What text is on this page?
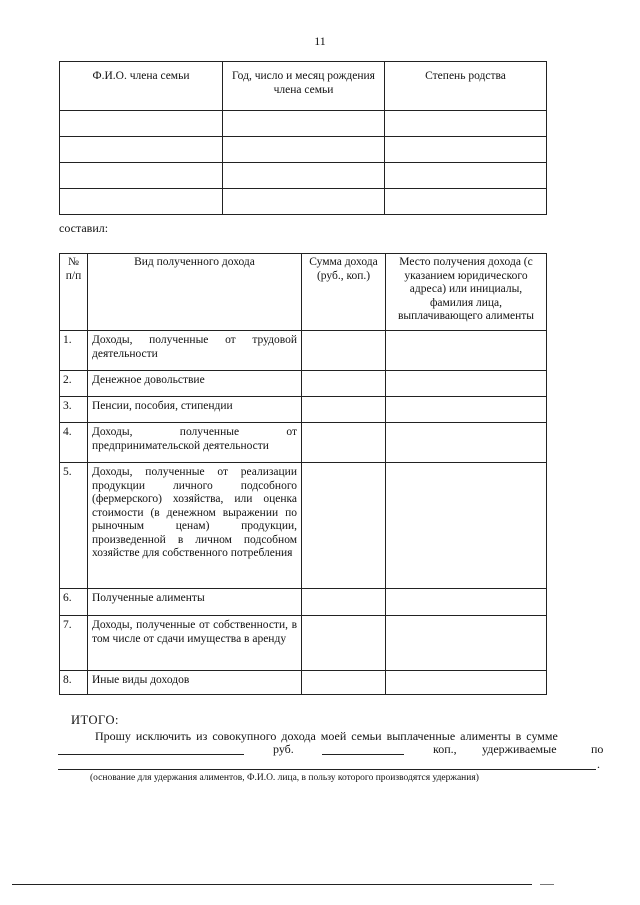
11
Ф.И.О. члена семьи	Год, число и месяц рождения члена семьи	Степень родства

составил:
№ п/п	Вид полученного дохода	Сумма дохода (руб., коп.)	Место получения дохода (с указанием юридического адреса) или инициалы, фамилия лица, выплачивающего алименты
1.	Доходы, полученные от трудовой деятельности		
2.	Денежное довольствие		
3.	Пенсии, пособия, стипендии		
4.	Доходы, полученные от предпринимательской деятельности		
5.	Доходы, полученные от реализации продукции личного подсобного (фермерского) хозяйства, или оценка стоимости (в денежном выражении по рыночным ценам) продукции, произведенной в личном подсобном хозяйстве для собственного потребления		
6.	Полученные алименты		
7.	Доходы, полученные от собственности, в том числе от сдачи имущества в аренду		
8.	Иные виды доходов		
ИТОГО:
Прошу исключить из совокупного дохода моей семьи выплаченные алименты в сумме
руб.	коп., удерживаемые	по
.
(основание для удержания алиментов, Ф.И.О. лица, в пользу которого производятся удержания)
